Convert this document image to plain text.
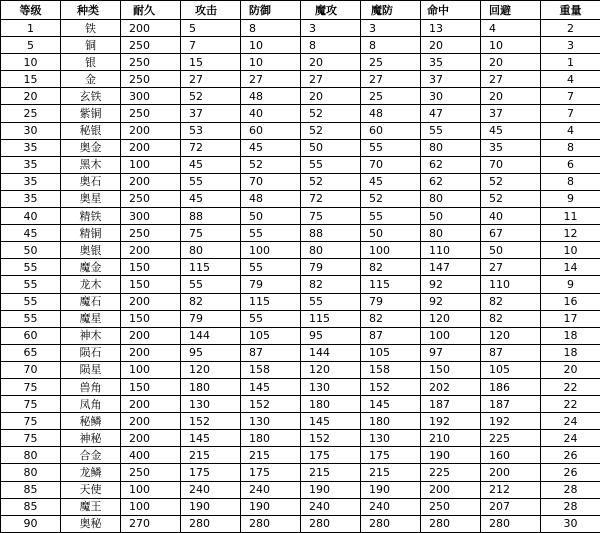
等级	种类	耐久	攻击	防御	魔攻	魔防	命中	回避	重量
1	铁	200	5	8	3	3	13	4	2
5	铜	250	7	10	8	8	20	10	3
10	银	250	15	10	20	25	35	20	1
15	金	250	27	27	27	27	37	27	4
20	玄铁	300	52	48	20	25	30	20	7
25	紫铜	250	37	40	52	48	47	37	7
30	秘银	200	53	60	52	60	55	45	4
35	奥金	200	72	45	50	55	80	35	8
35	黑木	100	45	52	55	70	62	70	6
35	奥石	200	55	70	52	45	62	52	8
35	奥星	250	45	48	72	52	80	52	9
40	精铁	300	88	50	75	55	50	40	11
45	精铜	250	75	55	88	50	80	67	12
50	奥银	200	80	100	80	100	110	50	10
55	魔金	150	115	55	79	82	147	27	14
55	龙木	150	55	79	82	115	92	110	9
55	魔石	200	82	115	55	79	92	82	16
55	魔星	150	79	55	115	82	120	82	17
60	神木	200	144	105	95	87	100	120	18
65	陨石	200	95	87	144	105	97	87	18
70	陨星	100	120	158	120	158	150	105	20
75	兽角	150	180	145	130	152	202	186	22
75	凤角	200	130	152	180	145	187	187	22
75	秘鳞	200	152	130	145	180	192	192	24
75	神秘	200	145	180	152	130	210	225	24
80	合金	400	215	215	175	175	190	160	26
80	龙鳞	250	175	175	215	215	225	200	26
85	天使	100	240	240	190	190	200	212	28
85	魔王	100	190	190	240	240	250	207	28
90	奥秘	270	280	280	280	280	280	280	30
